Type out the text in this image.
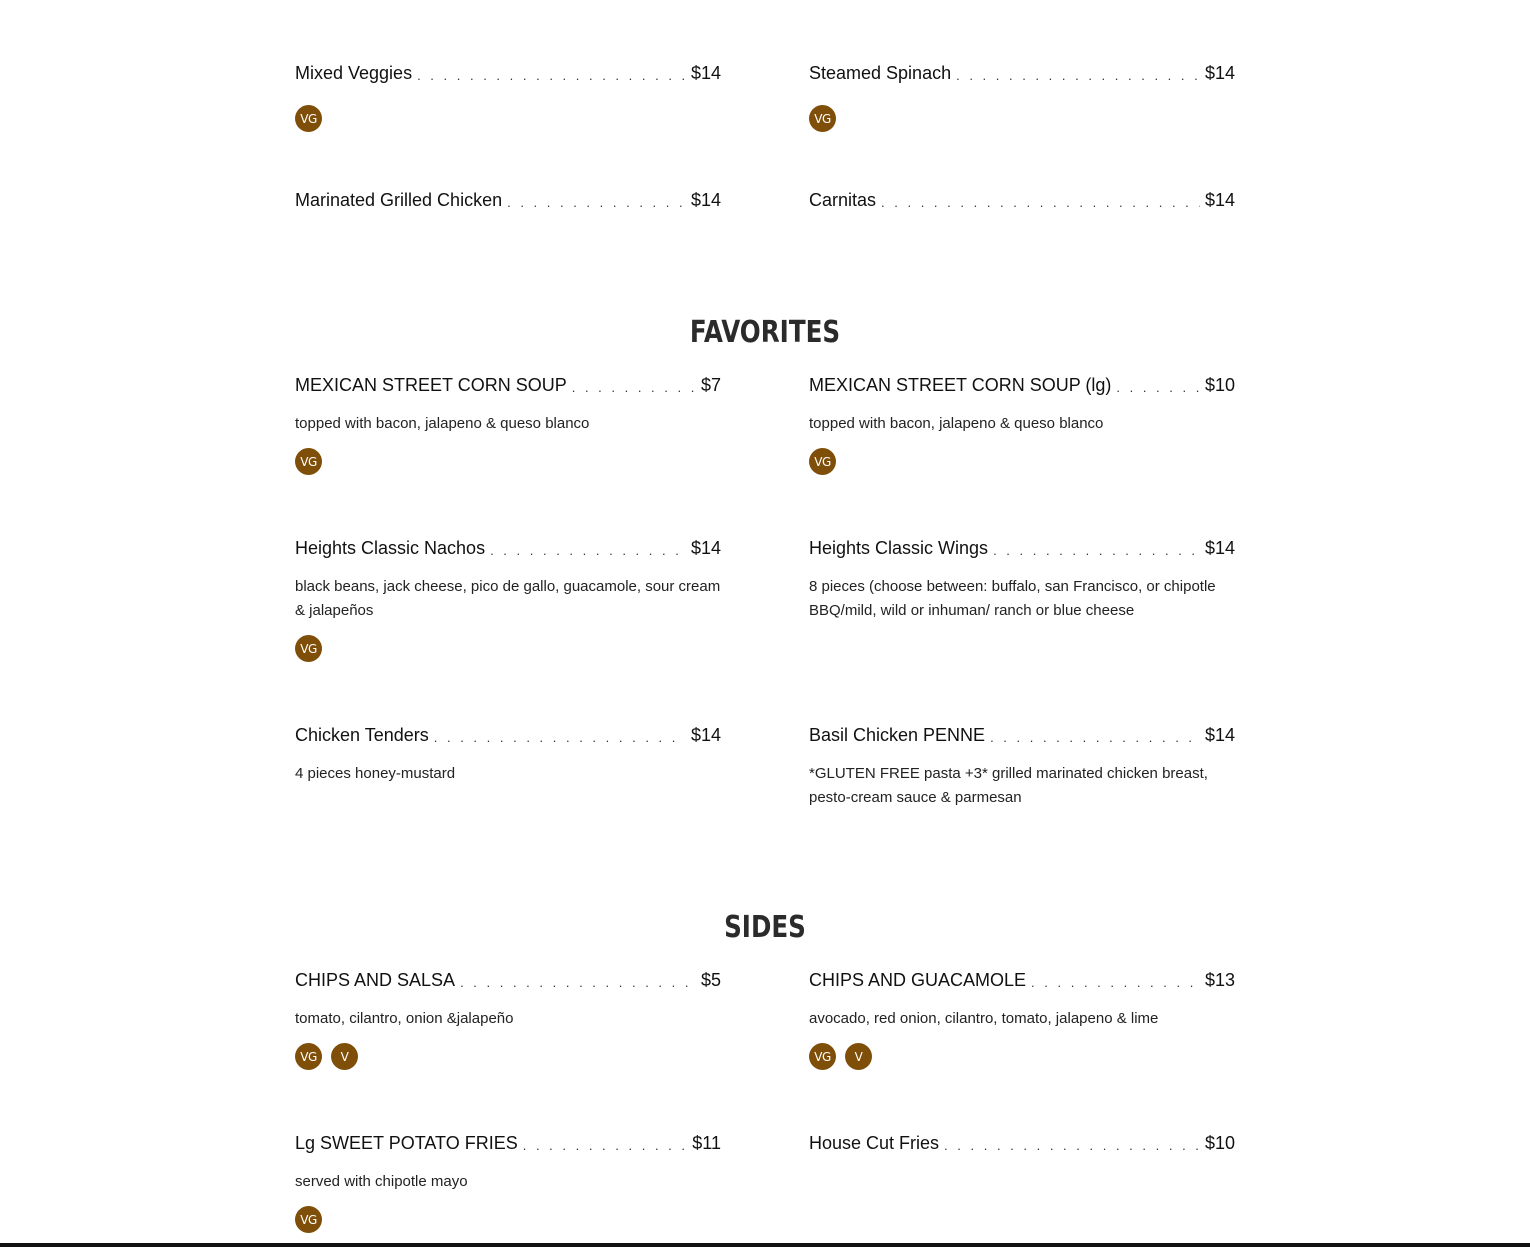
Mixed Veggies . . .	$14
VG
Steamed Spinach . . .	$14
VG
Marinated Grilled Chicken . . .	$14	Carnitas . . .	$14
FAVORITES
MEXICAN STREET CORN SOUP . . .	$7
topped with bacon, jalapeno & queso blanco
VG
MEXICAN STREET CORN SOUP (lg) . . .	$10
topped with bacon, jalapeno & queso blanco
VG
Heights Classic Nachos . . .	$14
black beans, jack cheese, pico de gallo, guacamole, sour cream & jalapeños
VG
Heights Classic Wings . . .	$14
8 pieces (choose between: buffalo, san Francisco, or chipotle BBQ/mild, wild or inhuman/ ranch or blue cheese
Chicken Tenders . . .	$14
4 pieces honey-mustard
Basil Chicken PENNE . . .	$14
*GLUTEN FREE pasta +3* grilled marinated chicken breast, pesto-cream sauce & parmesan
SIDES
CHIPS AND SALSA . . .	$5
tomato, cilantro, onion &jalapeño
VG	V
CHIPS AND GUACAMOLE . . .	$13
avocado, red onion, cilantro, tomato, jalapeno & lime
VG	V
Lg SWEET POTATO FRIES . . .	$11
served with chipotle mayo
VG
House Cut Fries . . .	$10
